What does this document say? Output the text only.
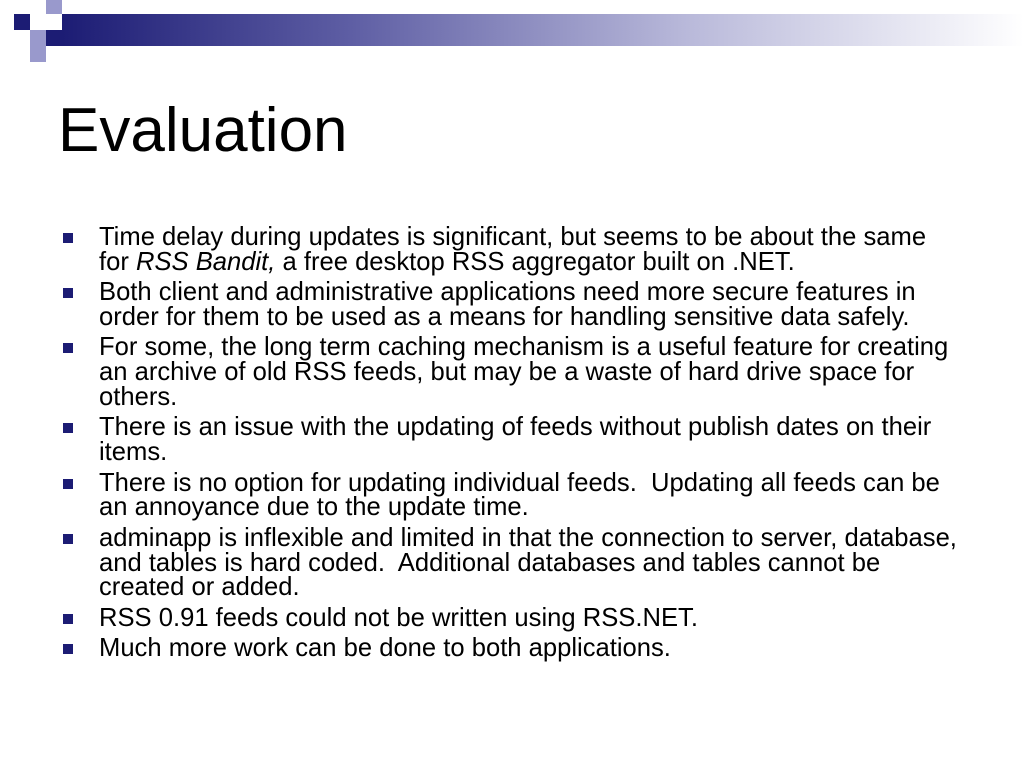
Evaluation
Time delay during updates is significant, but seems to be about the same
for RSS Bandit, a free desktop RSS aggregator built on .NET.
Both client and administrative applications need more secure features in
order for them to be used as a means for handling sensitive data safely.
For some, the long term caching mechanism is a useful feature for creating
an archive of old RSS feeds, but may be a waste of hard drive space for
others.
There is an issue with the updating of feeds without publish dates on their
items.
There is no option for updating individual feeds.  Updating all feeds can be
an annoyance due to the update time.
adminapp is inflexible and limited in that the connection to server, database,
and tables is hard coded.  Additional databases and tables cannot be
created or added.
RSS 0.91 feeds could not be written using RSS.NET.
Much more work can be done to both applications.
